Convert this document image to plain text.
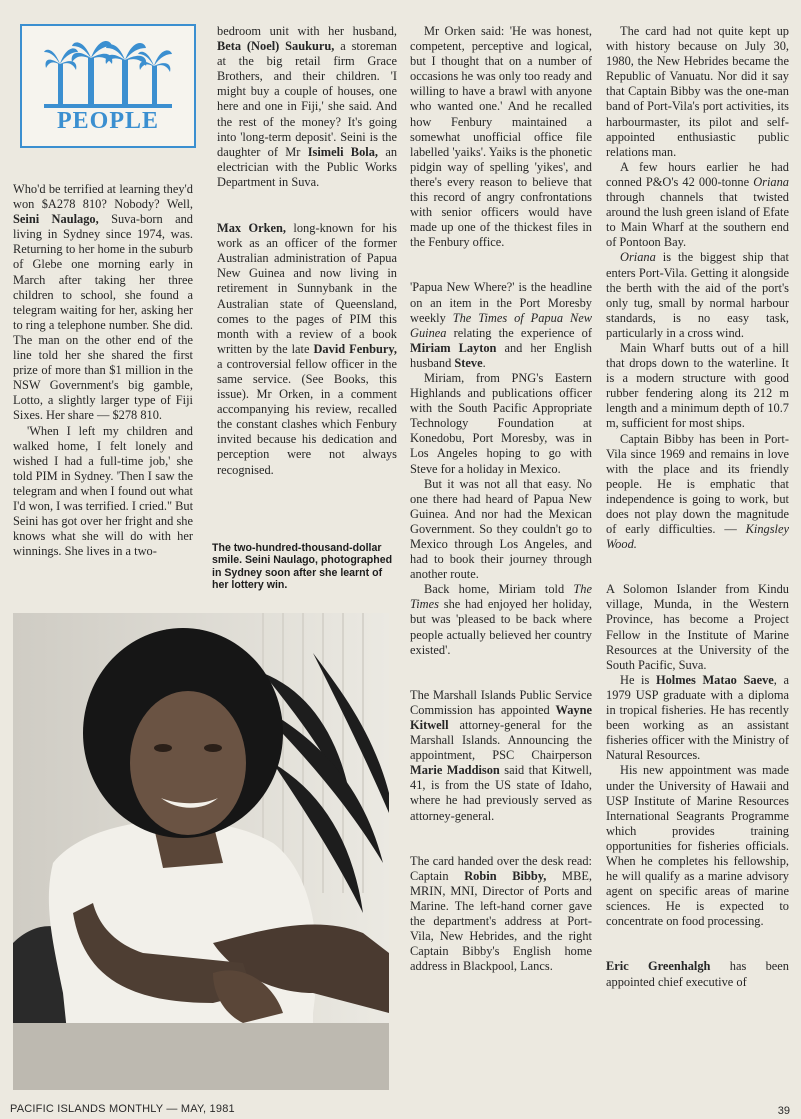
PEOPLE

Who'd be terrified at learning they'd won $A278 810? Nobody? Well, Seini Naulago, Suva-born and living in Sydney since 1974, was. Returning to her home in the suburb of Glebe one morning early in March after taking her three children to school, she found a telegram waiting for her, asking her to ring a telephone number. She did. The man on the other end of the line told her she shared the first prize of more than $1 million in the NSW Government's big gamble, Lotto, a slightly larger type of Fiji Sixes. Her share — $278 810.

'When I left my children and walked home, I felt lonely and wished I had a full-time job,' she told PIM in Sydney. 'Then I saw the telegram and when I found out what I'd won, I was terrified. I cried." But Seini has got over her fright and she knows what she will do with her winnings. She lives in a two-

bedroom unit with her husband, Beta (Noel) Saukuru, a storeman at the big retail firm Grace Brothers, and their children. 'I might buy a couple of houses, one here and one in Fiji,' she said. And the rest of the money? It's going into 'long-term deposit'. Seini is the daughter of Mr Isimeli Bola, an electrician with the Public Works Department in Suva.

Max Orken, long-known for his work as an officer of the former Australian administration of Papua New Guinea and now living in retirement in Sunnybank in the Australian state of Queensland, comes to the pages of PIM this month with a review of a book written by the late David Fenbury, a controversial fellow officer in the same service. (See Books, this issue). Mr Orken, in a comment accompanying his review, recalled the constant clashes which Fenbury invited because his dedication and perception were not always recognised.

The two-hundred-thousand-dollar smile. Seini Naulago, photographed in Sydney soon after she learnt of her lottery win.

Mr Orken said: 'He was honest, competent, perceptive and logical, but I thought that on a number of occasions he was only too ready and willing to have a brawl with anyone who wanted one.' And he recalled how Fenbury maintained a somewhat unofficial office file labelled 'yaiks'. Yaiks is the phonetic pidgin way of spelling 'yikes', and there's every reason to believe that this record of angry confrontations with senior officers would have made up one of the thickest files in the Fenbury office.

'Papua New Where?' is the headline on an item in the Port Moresby weekly The Times of Papua New Guinea relating the experience of Miriam Layton and her English husband Steve.

Miriam, from PNG's Eastern Highlands and publications officer with the South Pacific Appropriate Technology Foundation at Konedobu, Port Moresby, was in Los Angeles hoping to go with Steve for a holiday in Mexico.

But it was not all that easy. No one there had heard of Papua New Guinea. And nor had the Mexican Government. So they couldn't go to Mexico through Los Angeles, and had to book their journey through another route.

Back home, Miriam told The Times she had enjoyed her holiday, but was 'pleased to be back where people actually believed her country existed'.

The Marshall Islands Public Service Commission has appointed Wayne Kitwell attorney-general for the Marshall Islands. Announcing the appointment, PSC Chairperson Marie Maddison said that Kitwell, 41, is from the US state of Idaho, where he had previously served as attorney-general.

The card handed over the desk read: Captain Robin Bibby, MBE, MRIN, MNI, Director of Ports and Marine. The left-hand corner gave the department's address at Port-Vila, New Hebrides, and the right Captain Bibby's English home address in Blackpool, Lancs.

The card had not quite kept up with history because on July 30, 1980, the New Hebrides became the Republic of Vanuatu. Nor did it say that Captain Bibby was the one-man band of Port-Vila's port activities, its harbourmaster, its pilot and self-appointed enthusiastic public relations man.

A few hours earlier he had conned P&O's 42 000-tonne Oriana through channels that twisted around the lush green island of Efate to Main Wharf at the southern end of Pontoon Bay.

Oriana is the biggest ship that enters Port-Vila. Getting it alongside the berth with the aid of the port's only tug, small by normal harbour standards, is no easy task, particularly in a cross wind.

Main Wharf butts out of a hill that drops down to the waterline. It is a modern structure with good rubber fendering along its 212 m length and a minimum depth of 10.7 m, sufficient for most ships.

Captain Bibby has been in Port-Vila since 1969 and remains in love with the place and its friendly people. He is emphatic that independence is going to work, but does not play down the magnitude of early difficulties. — Kingsley Wood.

A Solomon Islander from Kindu village, Munda, in the Western Province, has become a Project Fellow in the Institute of Marine Resources at the University of the South Pacific, Suva.

He is Holmes Matao Saeve, a 1979 USP graduate with a diploma in tropical fisheries. He has recently been working as an assistant fisheries officer with the Ministry of Natural Resources.

His new appointment was made under the University of Hawaii and USP Institute of Marine Resources International Seagrants Programme which provides training opportunities for fisheries officials. When he completes his fellowship, he will qualify as a marine advisory agent on specific areas of marine sciences. He is expected to concentrate on food processing.

Eric Greenhalgh has been appointed chief executive of

PACIFIC ISLANDS MONTHLY — MAY, 1981	39
